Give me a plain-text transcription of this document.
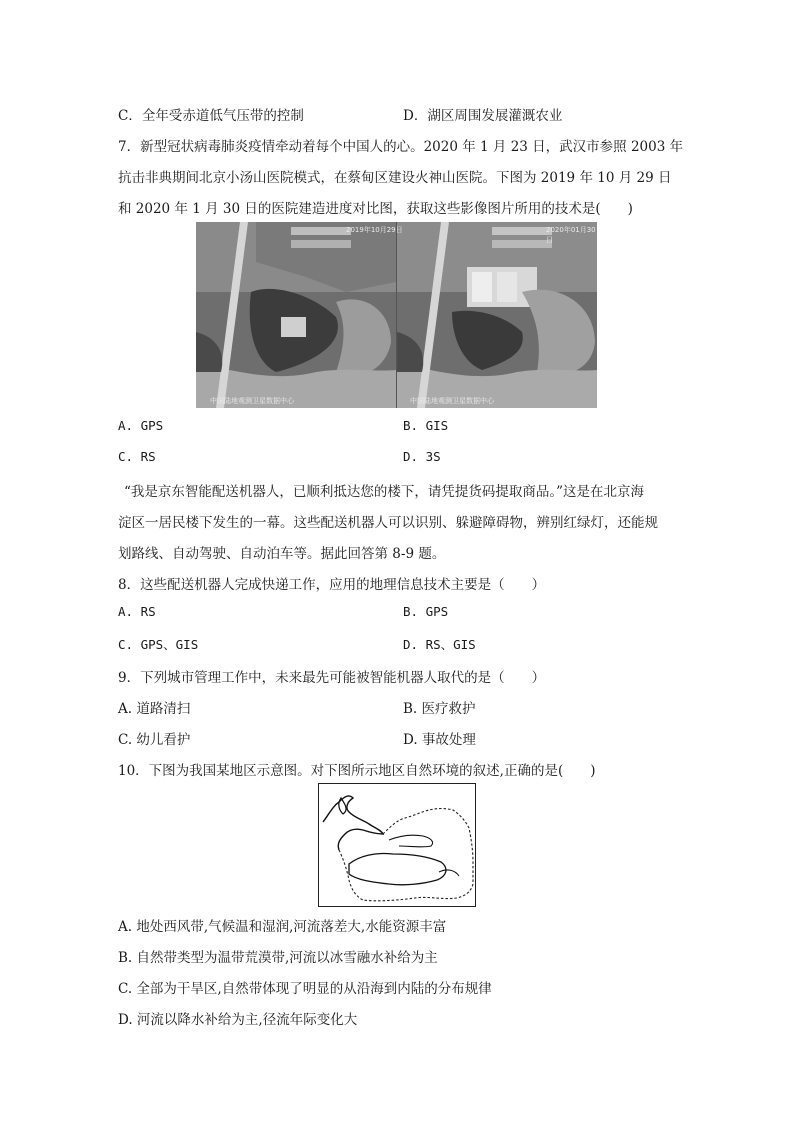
C．全年受赤道低气压带的控制	D．湖区周围发展灌溉农业
7．新型冠状病毒肺炎疫情牵动着每个中国人的心。2020 年 1 月 23 日，武汉市参照 2003 年
抗击非典期间北京小汤山医院模式，在蔡甸区建设火神山医院。下图为 2019 年 10 月 29 日
和 2020 年 1 月 30 日的医院建造进度对比图，获取这些影像图片所用的技术是(　　)
2019年10月29日	2020年01月30日
中国陆地观测卫星数据中心	中国陆地观测卫星数据中心
A. GPS	B. GIS
C. RS	D. 3S
“我是京东智能配送机器人，已顺利抵达您的楼下，请凭提货码提取商品。”这是在北京海
淀区一居民楼下发生的一幕。这些配送机器人可以识别、躲避障碍物，辨别红绿灯，还能规
划路线、自动驾驶、自动泊车等。据此回答第 8-9 题。
8．这些配送机器人完成快递工作，应用的地理信息技术主要是（　　）
A. RS	B. GPS
C. GPS、GIS	D. RS、GIS
9．下列城市管理工作中，未来最先可能被智能机器人取代的是（　　）
A. 道路清扫	B. 医疗救护
C. 幼儿看护	D. 事故处理
10．下图为我国某地区示意图。对下图所示地区自然环境的叙述,正确的是(　　)
A. 地处西风带,气候温和湿润,河流落差大,水能资源丰富
B. 自然带类型为温带荒漠带,河流以冰雪融水补给为主
C. 全部为干旱区,自然带体现了明显的从沿海到内陆的分布规律
D. 河流以降水补给为主,径流年际变化大
